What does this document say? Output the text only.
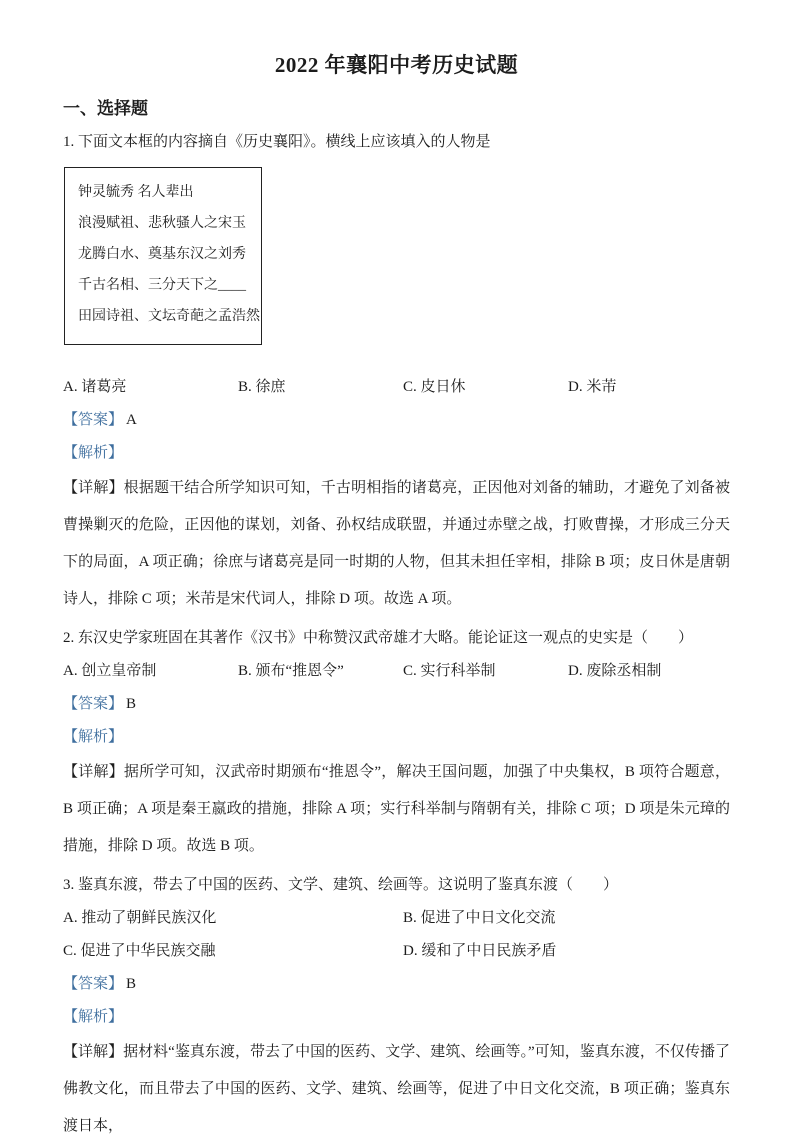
2022 年襄阳中考历史试题
一、选择题

1. 下面文本框的内容摘自《历史襄阳》。横线上应该填入的人物是

钟灵毓秀 名人辈出

浪漫赋祖、悲秋骚人之宋玉

龙腾白水、奠基东汉之刘秀

千古名相、三分天下之____

田园诗祖、文坛奇葩之孟浩然

A. 诸葛亮	B. 徐庶	C. 皮日休	D. 米芾

【答案】 A

【解析】

【详解】根据题干结合所学知识可知，千古明相指的诸葛亮，正因他对刘备的辅助，才避免了刘备被曹操剿灭的危险，正因他的谋划，刘备、孙权结成联盟，并通过赤壁之战，打败曹操，才形成三分天下的局面，A 项正确；徐庶与诸葛亮是同一时期的人物，但其未担任宰相，排除 B 项；皮日休是唐朝诗人，排除 C 项；米芾是宋代词人，排除 D 项。故选 A 项。

2. 东汉史学家班固在其著作《汉书》中称赞汉武帝雄才大略。能论证这一观点的史实是（　　）

A. 创立皇帝制	B. 颁布“推恩令”	C. 实行科举制	D. 废除丞相制

【答案】 B

【解析】

【详解】据所学可知，汉武帝时期颁布“推恩令”，解决王国问题，加强了中央集权，B 项符合题意，B 项正确；A 项是秦王嬴政的措施，排除 A 项；实行科举制与隋朝有关，排除 C 项；D 项是朱元璋的措施，排除 D 项。故选 B 项。

3. 鉴真东渡，带去了中国的医药、文学、建筑、绘画等。这说明了鉴真东渡（　　）

A. 推动了朝鲜民族汉化	B. 促进了中日文化交流
C. 促进了中华民族交融	D. 缓和了中日民族矛盾

【答案】 B

【解析】

【详解】据材料“鉴真东渡，带去了中国的医药、文学、建筑、绘画等。”可知，鉴真东渡，不仅传播了佛教文化，而且带去了中国的医药、文学、建筑、绘画等，促进了中日文化交流，B 项正确；鉴真东渡日本，
